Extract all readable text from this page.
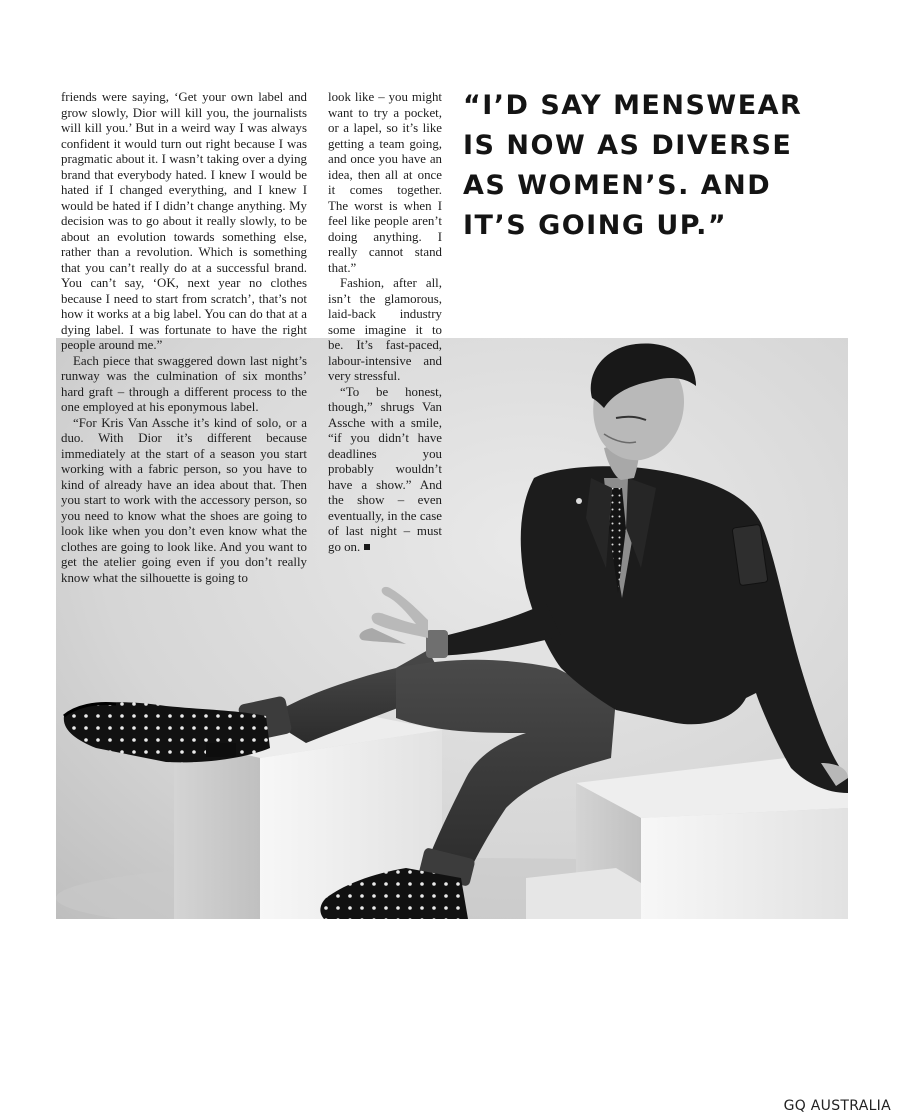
friends were saying, ‘Get your own label and grow slowly, Dior will kill you, the journalists will kill you.’ But in a weird way I was always confident it would turn out right because I was pragmatic about it. I wasn’t taking over a dying brand that everybody hated. I knew I would be hated if I changed everything, and I knew I would be hated if I didn’t change anything. My decision was to go about it really slowly, to be about an evolution towards something else, rather than a revolution. Which is something that you can’t really do at a successful brand. You can’t say, ‘OK, next year no clothes because I need to start from scratch’, that’s not how it works at a big label. You can do that at a dying label. I was fortunate to have the right people around me.”

Each piece that swaggered down last night’s runway was the culmination of six months’ hard graft – through a different process to the one employed at his eponymous label.

“For Kris Van Assche it’s kind of solo, or a duo. With Dior it’s different because immediately at the start of a season you start working with a fabric person, so you have to kind of already have an idea about that. Then you start to work with the accessory person, so you need to know what the shoes are going to look like when you don’t even know what the clothes are going to look like. And you want to get the atelier going even if you don’t really know what the silhouette is going to

look like – you might want to try a pocket, or a lapel, so it’s like getting a team going, and once you have an idea, then all at once it comes together. The worst is when I feel like people aren’t doing anything. I really cannot stand that.”

Fashion, after all, isn’t the glamorous, laid-back industry some imagine it to be. It’s fast-paced, labour-intensive and very stressful.

“To be honest, though,” shrugs Van Assche with a smile, “if you didn’t have deadlines you probably wouldn’t have a show.” And the show – even eventually, in the case of last night – must go on.

“I’D SAY MENSWEAR
IS NOW AS DIVERSE
AS WOMEN’S. AND
IT’S GOING UP.”
GQ AUSTRALIA
